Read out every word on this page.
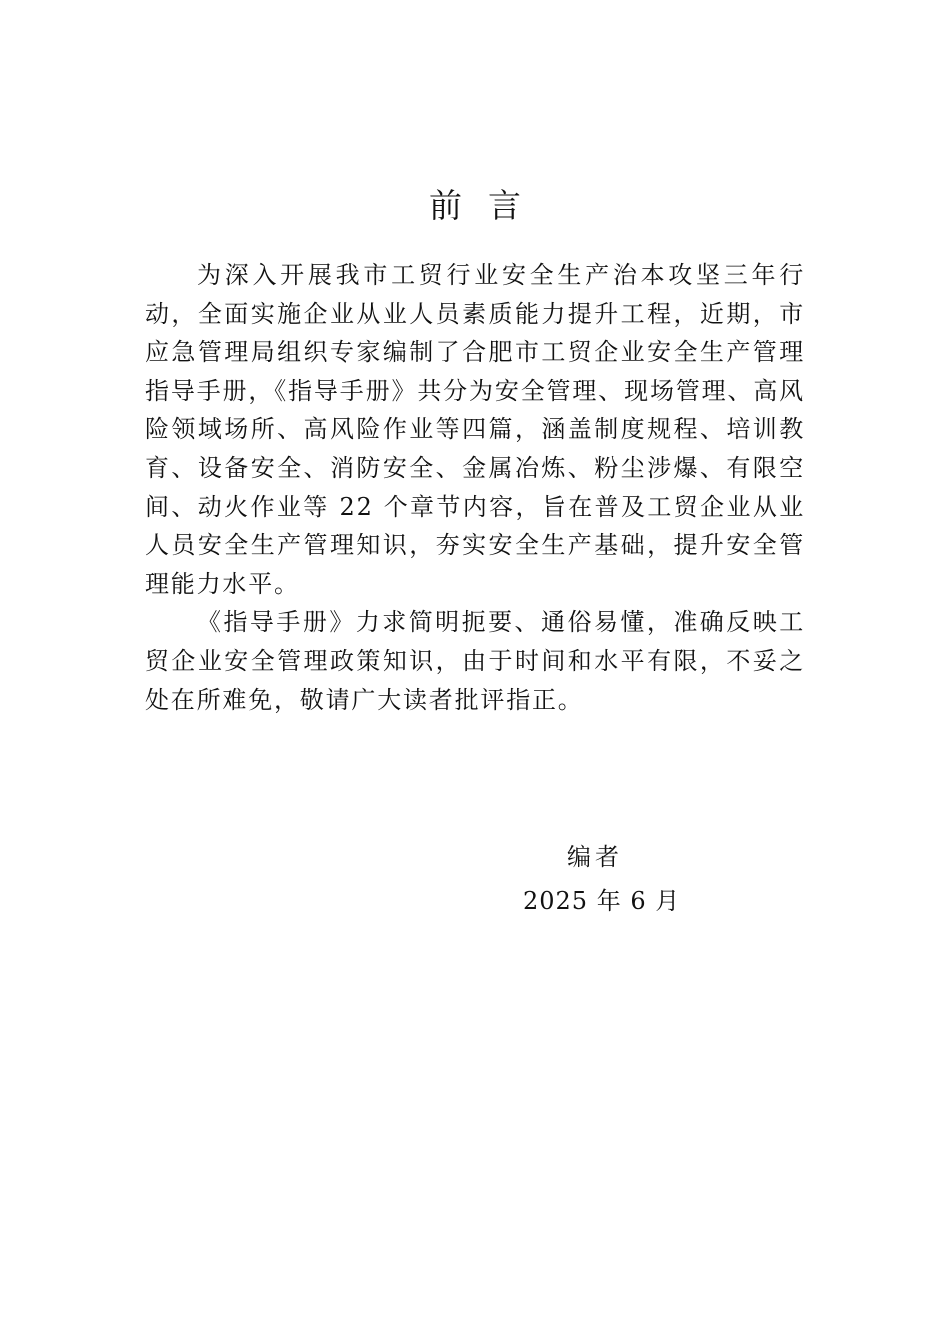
前言

为深入开展我市工贸行业安全生产治本攻坚三年行动，全面实施企业从业人员素质能力提升工程，近期，市应急管理局组织专家编制了合肥市工贸企业安全生产管理指导手册，《指导手册》共分为安全管理、现场管理、高风险领域场所、高风险作业等四篇，涵盖制度规程、培训教育、设备安全、消防安全、金属冶炼、粉尘涉爆、有限空间、动火作业等 22 个章节内容，旨在普及工贸企业从业人员安全生产管理知识，夯实安全生产基础，提升安全管理能力水平。

《指导手册》力求简明扼要、通俗易懂，准确反映工贸企业安全管理政策知识，由于时间和水平有限，不妥之处在所难免，敬请广大读者批评指正。

编者
2025 年 6 月
